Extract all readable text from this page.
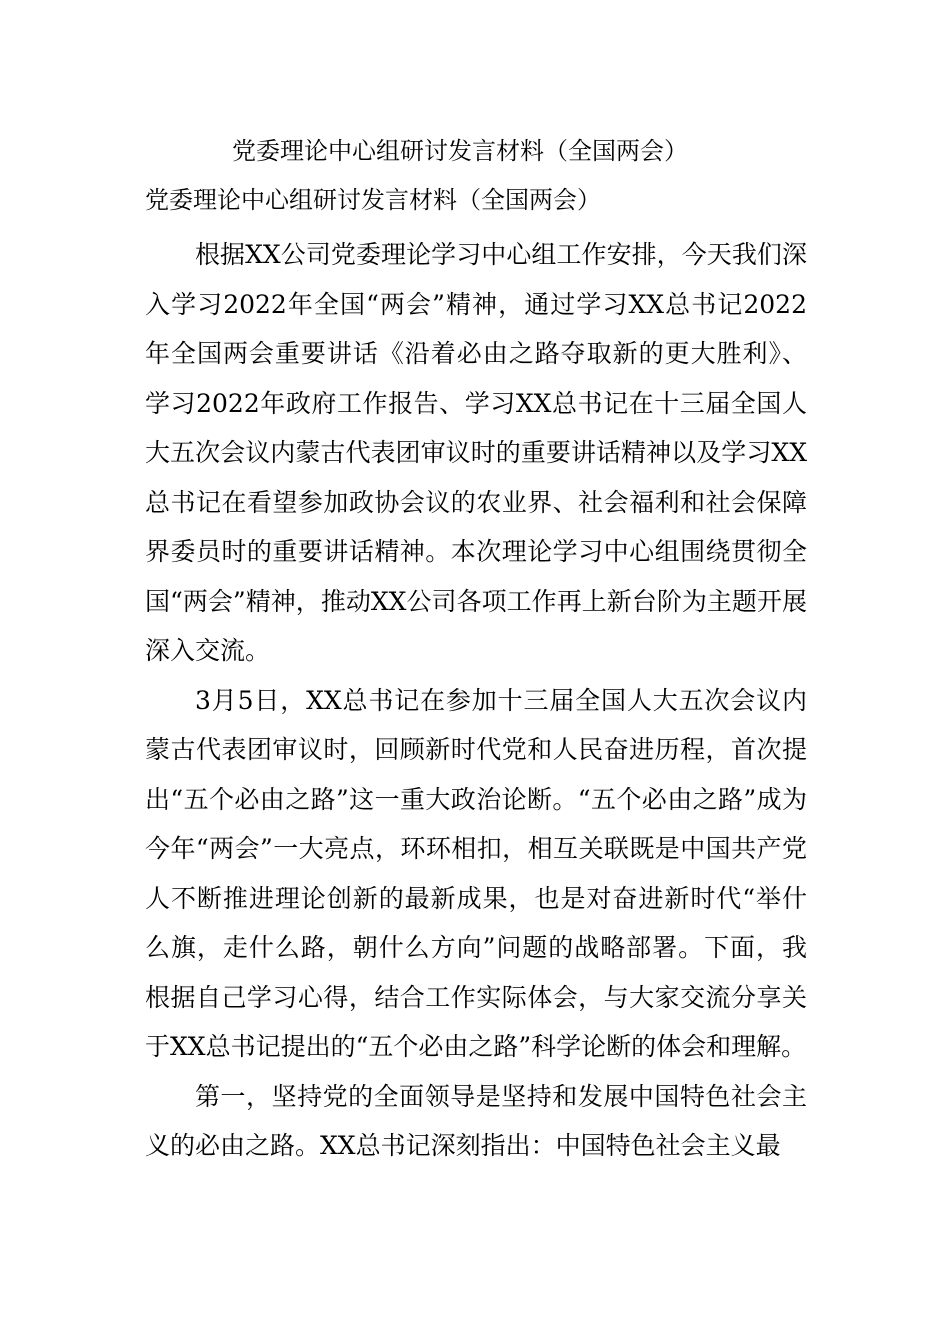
党委理论中心组研讨发言材料（全国两会）
党委理论中心组研讨发言材料（全国两会）

根据XX公司党委理论学习中心组工作安排，今天我们深入学习2022年全国“两会”精神，通过学习XX总书记2022年全国两会重要讲话《沿着必由之路夺取新的更大胜利》、学习2022年政府工作报告、学习XX总书记在十三届全国人大五次会议内蒙古代表团审议时的重要讲话精神以及学习XX总书记在看望参加政协会议的农业界、社会福利和社会保障界委员时的重要讲话精神。本次理论学习中心组围绕贯彻全国“两会”精神，推动XX公司各项工作再上新台阶为主题开展深入交流。

3月5日，XX总书记在参加十三届全国人大五次会议内蒙古代表团审议时，回顾新时代党和人民奋进历程，首次提出“五个必由之路”这一重大政治论断。“五个必由之路”成为今年“两会”一大亮点，环环相扣，相互关联既是中国共产党人不断推进理论创新的最新成果，也是对奋进新时代“举什么旗，走什么路，朝什么方向”问题的战略部署。下面，我根据自己学习心得，结合工作实际体会，与大家交流分享关于XX总书记提出的“五个必由之路”科学论断的体会和理解。

第一，坚持党的全面领导是坚持和发展中国特色社会主义的必由之路。XX总书记深刻指出：中国特色社会主义最
